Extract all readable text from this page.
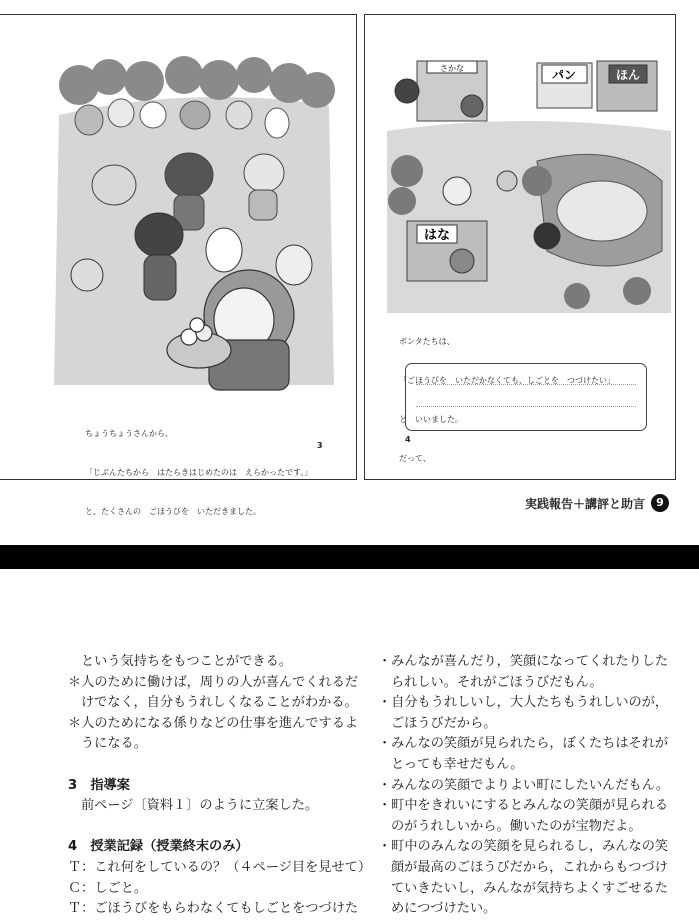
ちょうちょうさんから、

「じぶんたちから　はたらきはじめたのは　えらかったです。」

と、たくさんの　ごほうびを　いただきました。

3
さかな	パン	ほん
はな

ポンタたちは、

「ごほうびを　いただかなくても、しごとを　つづけたい」

と　いいました。

だって、

4
実践報告＋講評と助言	9
という気持ちをもつことができる。
＊人のために働けば，周りの人が喜んでくれるだ
けでなく，自分もうれしくなることがわかる。
＊人のためになる係りなどの仕事を進んでするよ
うになる。
3　指導案
前ページ〔資料１〕のように立案した。
4　授業記録（授業終末のみ）
Ｔ：これ何をしているの？（４ページ目を見せて）
Ｃ：しごと。
Ｔ：ごほうびをもらわなくてもしごとをつづけた
・みんなが喜んだり，笑顔になってくれたりした
られしい。それがごほうびだもん。
・自分もうれしいし，大人たちもうれしいのが，
ごほうびだから。
・みんなの笑顔が見られたら，ぼくたちはそれが
とっても幸せだもん。
・みんなの笑顔でよりよい町にしたいんだもん。
・町中をきれいにするとみんなの笑顔が見られる
のがうれしいから。働いたのが宝物だよ。
・町中のみんなの笑顔を見られるし，みんなの笑
顔が最高のごほうびだから，これからもつづけ
ていきたいし，みんなが気持ちよくすごせるた
めにつづけたい。
